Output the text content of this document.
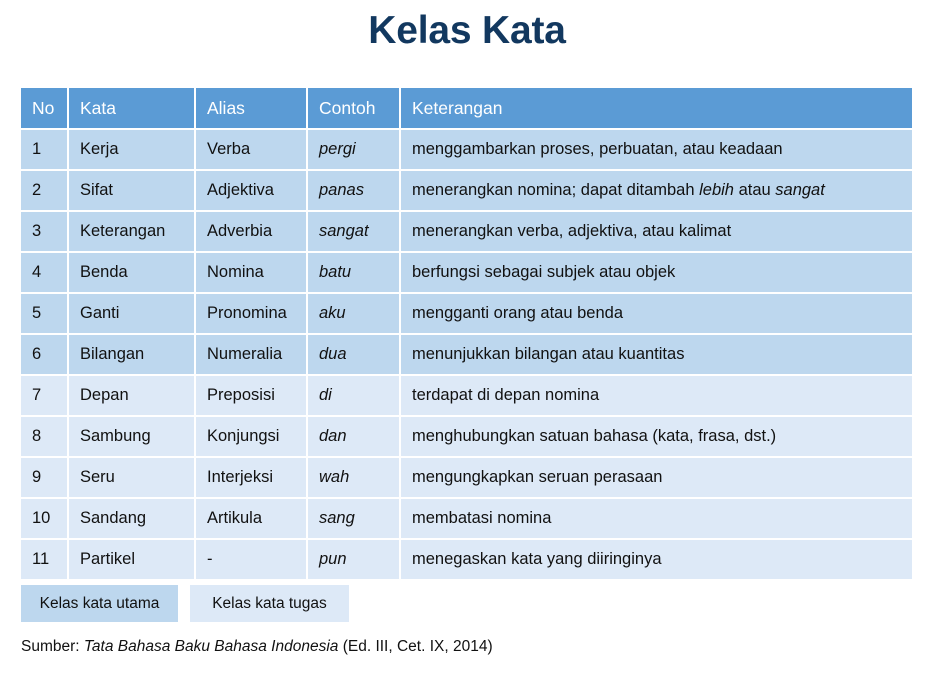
Kelas Kata
No	Kata	Alias	Contoh	Keterangan
1	Kerja	Verba	pergi	menggambarkan proses, perbuatan, atau keadaan
2	Sifat	Adjektiva	panas	menerangkan nomina; dapat ditambah lebih atau sangat
3	Keterangan	Adverbia	sangat	menerangkan verba, adjektiva, atau kalimat
4	Benda	Nomina	batu	berfungsi sebagai subjek atau objek
5	Ganti	Pronomina	aku	mengganti orang atau benda
6	Bilangan	Numeralia	dua	menunjukkan bilangan atau kuantitas
7	Depan	Preposisi	di	terdapat di depan nomina
8	Sambung	Konjungsi	dan	menghubungkan satuan bahasa (kata, frasa, dst.)
9	Seru	Interjeksi	wah	mengungkapkan seruan perasaan
10	Sandang	Artikula	sang	membatasi nomina
11	Partikel	-	pun	menegaskan kata yang diiringinya
Kelas kata utama	Kelas kata tugas
Sumber: Tata Bahasa Baku Bahasa Indonesia (Ed. III, Cet. IX, 2014)
